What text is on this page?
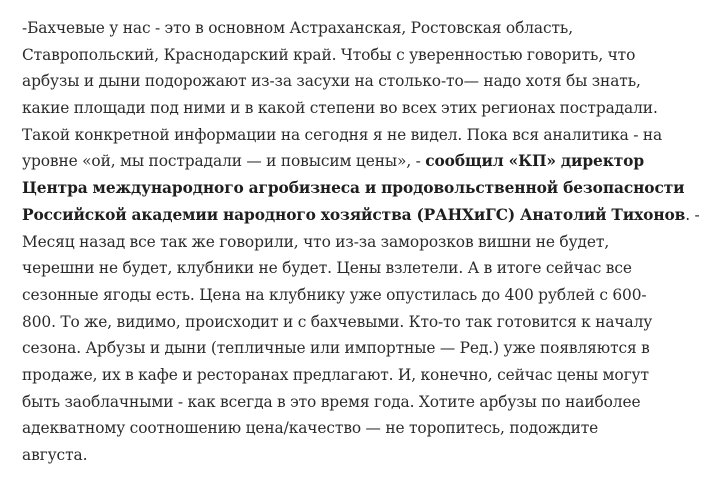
-Бахчевые у нас - это в основном Астраханская, Ростовская область,
Ставропольский, Краснодарский край. Чтобы с уверенностью говорить, что
арбузы и дыни подорожают из-за засухи на столько-то— надо хотя бы знать,
какие площади под ними и в какой степени во всех этих регионах пострадали.
Такой конкретной информации на сегодня я не видел. Пока вся аналитика - на
уровне «ой, мы пострадали — и повысим цены», - сообщил «КП» директор
Центра международного агробизнеса и продовольственной безопасности
Российской академии народного хозяйства (РАНХиГС) Анатолий Тихонов. -
Месяц назад все так же говорили, что из-за заморозков вишни не будет,
черешни не будет, клубники не будет. Цены взлетели. А в итоге сейчас все
сезонные ягоды есть. Цена на клубнику уже опустилась до 400 рублей с 600-
800. То же, видимо, происходит и с бахчевыми. Кто-то так готовится к началу
сезона. Арбузы и дыни (тепличные или импортные — Ред.) уже появляются в
продаже, их в кафе и ресторанах предлагают. И, конечно, сейчас цены могут
быть заоблачными - как всегда в это время года. Хотите арбузы по наиболее
адекватному соотношению цена/качество — не торопитесь, подождите
августа.
